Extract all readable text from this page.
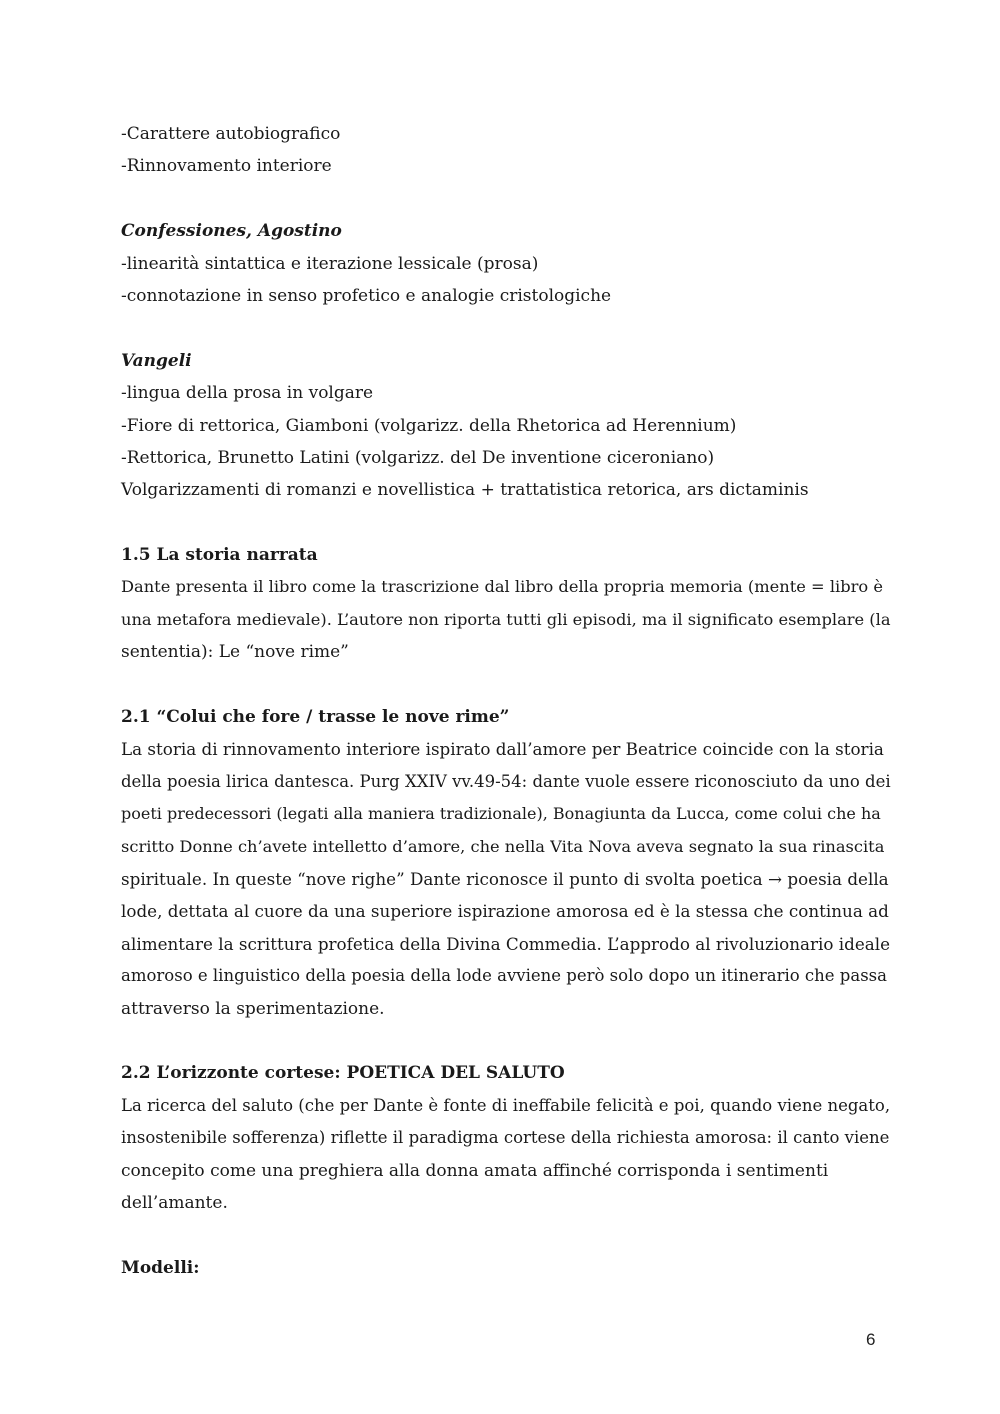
-Carattere autobiografico
-Rinnovamento interiore
Confessiones, Agostino
-linearità sintattica e iterazione lessicale (prosa)
-connotazione in senso profetico e analogie cristologiche
Vangeli
-lingua della prosa in volgare
-Fiore di rettorica, Giamboni (volgarizz. della Rhetorica ad Herennium)
-Rettorica, Brunetto Latini (volgarizz. del De inventione ciceroniano)
Volgarizzamenti di romanzi e novellistica + trattatistica retorica, ars dictaminis
1.5 La storia narrata
Dante presenta il libro come la trascrizione dal libro della propria memoria (mente = libro è
una metafora medievale). L’autore non riporta tutti gli episodi, ma il significato esemplare (la
sententia): Le “nove rime”
2.1 “Colui che fore / trasse le nove rime”
La storia di rinnovamento interiore ispirato dall’amore per Beatrice coincide con la storia
della poesia lirica dantesca. Purg XXIV vv.49-54: dante vuole essere riconosciuto da uno dei
poeti predecessori (legati alla maniera tradizionale), Bonagiunta da Lucca, come colui che ha
scritto Donne ch’avete intelletto d’amore, che nella Vita Nova aveva segnato la sua rinascita
spirituale. In queste “nove righe” Dante riconosce il punto di svolta poetica → poesia della
lode, dettata al cuore da una superiore ispirazione amorosa ed è la stessa che continua ad
alimentare la scrittura profetica della Divina Commedia. L’approdo al rivoluzionario ideale
amoroso e linguistico della poesia della lode avviene però solo dopo un itinerario che passa
attraverso la sperimentazione.
2.2 L’orizzonte cortese: POETICA DEL SALUTO
La ricerca del saluto (che per Dante è fonte di ineffabile felicità e poi, quando viene negato,
insostenibile sofferenza) riflette il paradigma cortese della richiesta amorosa: il canto viene
concepito come una preghiera alla donna amata affinché corrisponda i sentimenti
dell’amante.
Modelli:
6
